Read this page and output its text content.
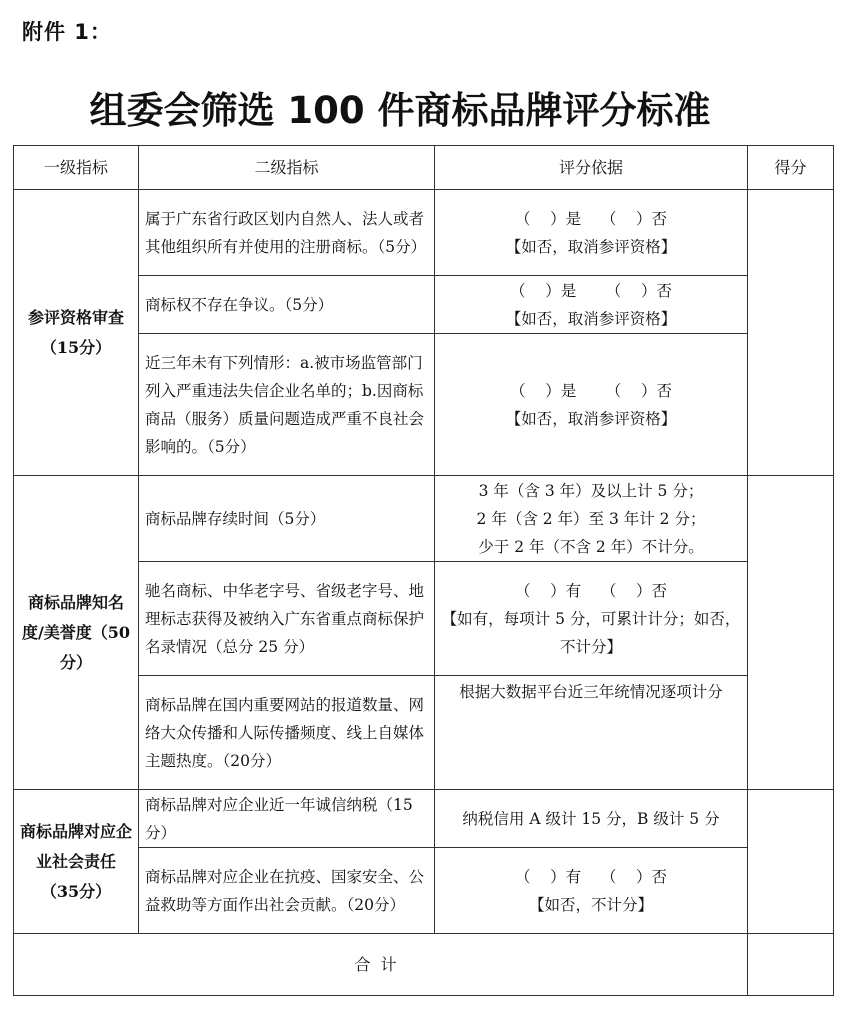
附件 1：
组委会筛选 100 件商标品牌评分标准
一级指标	二级指标	评分依据	得分
参评资格审查（15分）	属于广东省行政区划内自然人、法人或者其他组织所有并使用的注册商标。（5分）	（    ）是    （    ）否
【如否，取消参评资格】	

	商标权不存在争议。（5分）	（    ）是      （    ）否
【如否，取消参评资格】	

	近三年未有下列情形：a.被市场监管部门列入严重违法失信企业名单的；b.因商标商品（服务）质量问题造成严重不良社会影响的。（5分）	（    ）是      （    ）否
【如否，取消参评资格】	

商标品牌知名度/美誉度（50分）	商标品牌存续时间（5分）	3 年（含 3 年）及以上计 5 分；
2 年（含 2 年）至 3 年计 2 分；
少于 2 年（不含 2 年）不计分。	

	驰名商标、中华老字号、省级老字号、地理标志获得及被纳入广东省重点商标保护名录情况（总分 25 分）	（    ）有    （    ）否
【如有，每项计 5 分，可累计计分；如否，不计分】	

	商标品牌在国内重要网站的报道数量、网络大众传播和人际传播频度、线上自媒体主题热度。（20分）	根据大数据平台近三年统情况逐项计分	

商标品牌对应企业社会责任（35分）	商标品牌对应企业近一年诚信纳税（15分）	纳税信用 A 级计 15 分，B 级计 5 分	

	商标品牌对应企业在抗疫、国家安全、公益救助等方面作出社会贡献。（20分）	（    ）有    （    ）否
【如否，不计分】	

合计			
